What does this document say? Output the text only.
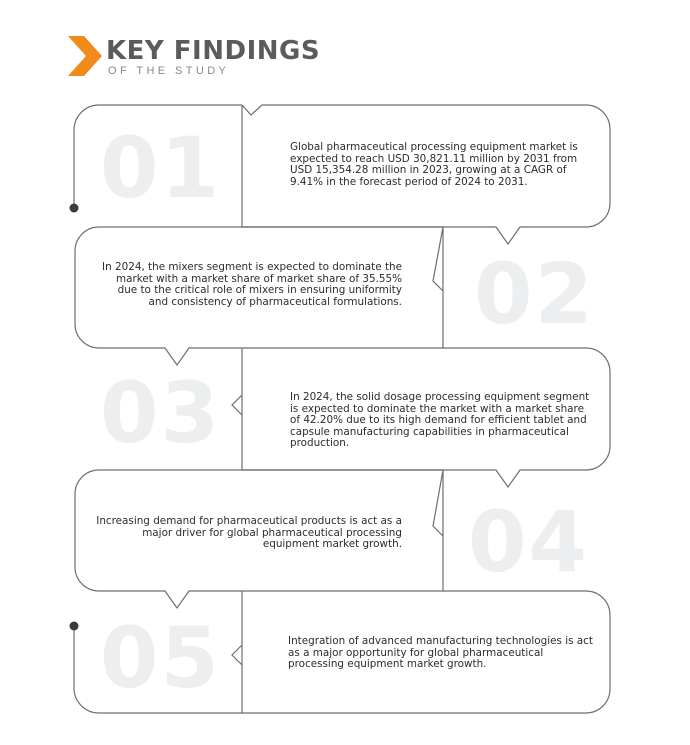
KEY FINDINGS
OF THE STUDY
01	Global pharmaceutical processing equipment market is expected to reach USD 30,821.11 million by 2031 from USD 15,354.28 million in 2023, growing at a CAGR of 9.41% in the forecast period of 2024 to 2031.
02
In 2024, the mixers segment is expected to dominate the market with a market share of market share of 35.55% due to the critical role of mixers in ensuring uniformity and consistency of pharmaceutical formulations.
03	In 2024, the solid dosage processing equipment segment is expected to dominate the market with a market share of 42.20% due to its high demand for efficient tablet and capsule manufacturing capabilities in pharmaceutical production.
04
Increasing demand for pharmaceutical products is act as a major driver for global pharmaceutical processing equipment market growth.
05	Integration of advanced manufacturing technologies is act as a major opportunity for global pharmaceutical processing equipment market growth.
